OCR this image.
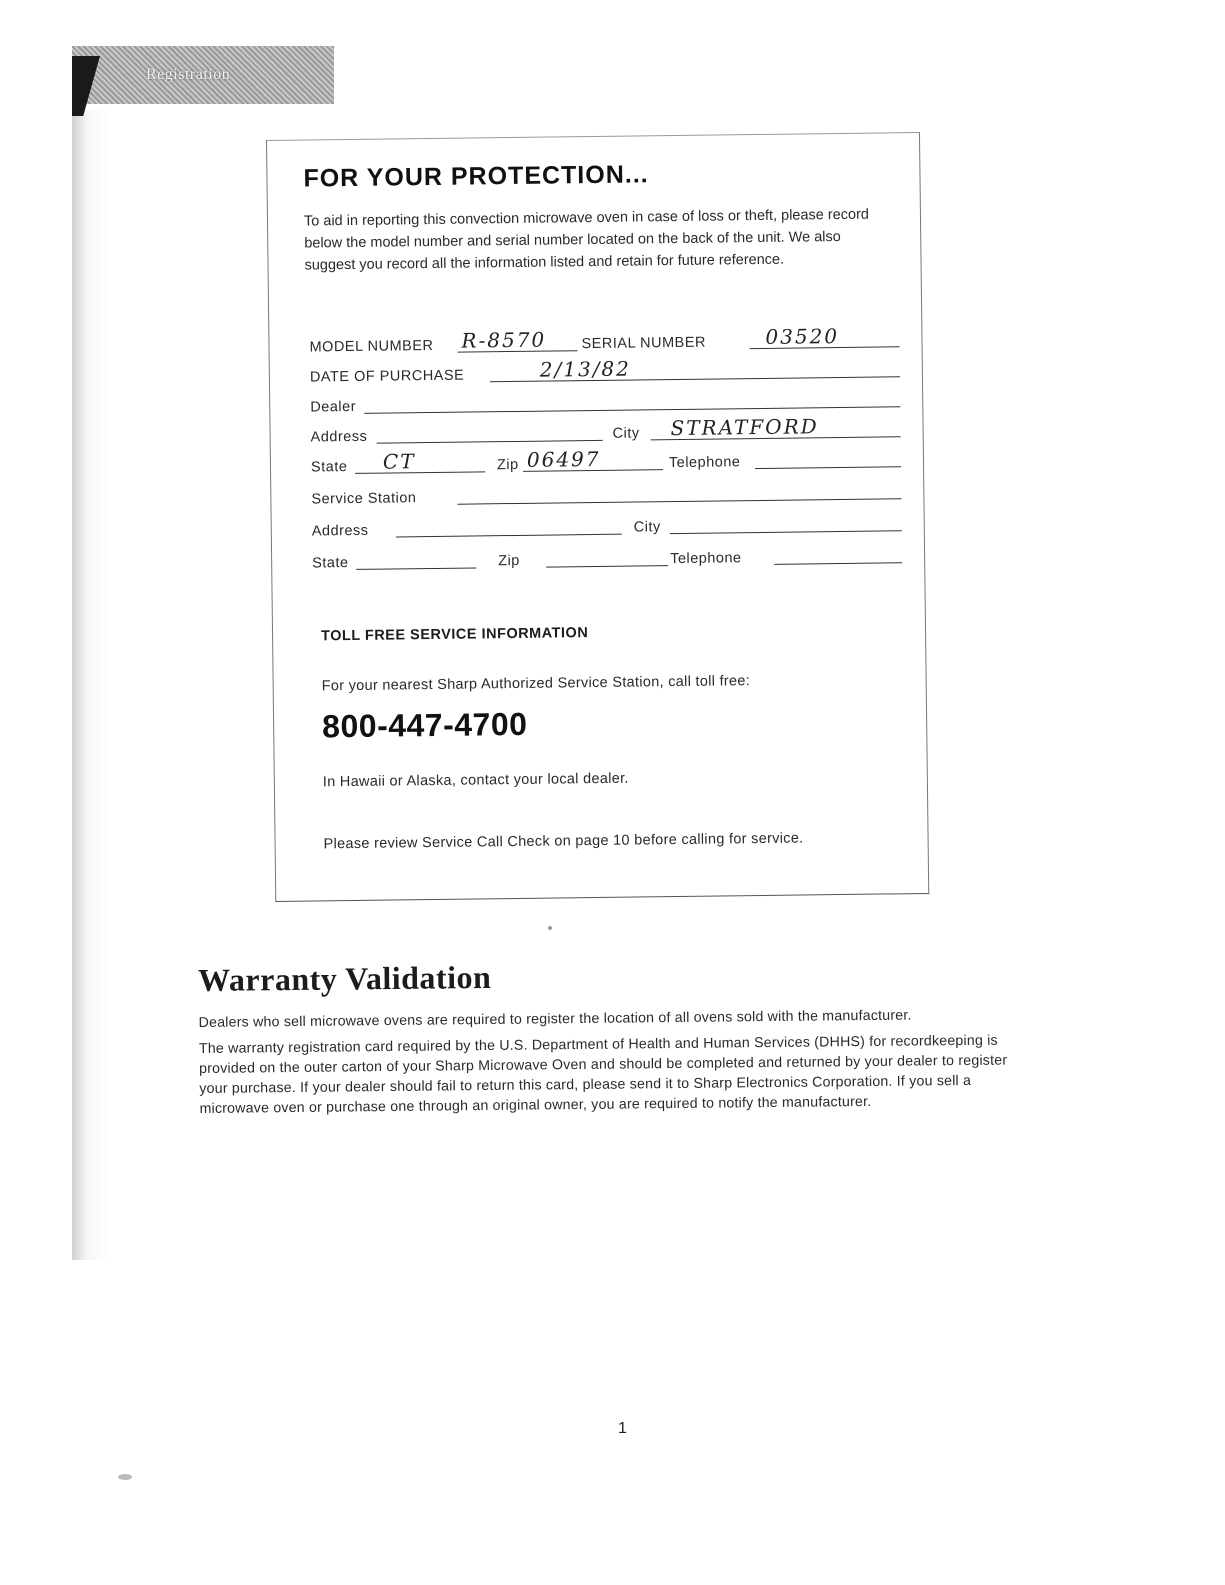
Registration
FOR YOUR PROTECTION...
To aid in reporting this convection microwave oven in case of loss or theft, please record below the model number and serial number located on the back of the unit. We also suggest you record all the information listed and retain for future reference.
MODEL NUMBER R-8570 SERIAL NUMBER	03520
DATE OF PURCHASE	2/13/82
Dealer
Address	City STRATFORD
State CT	Zip 06497	Telephone
Service Station
Address	City
State	Zip	Telephone
TOLL FREE SERVICE INFORMATION
For your nearest Sharp Authorized Service Station, call toll free:
800-447-4700
In Hawaii or Alaska, contact your local dealer.
Please review Service Call Check on page 10 before calling for service.
Warranty Validation

Dealers who sell microwave ovens are required to register the location of all ovens sold with the manufacturer.

The warranty registration card required by the U.S. Department of Health and Human Services (DHHS) for recordkeeping is provided on the outer carton of your Sharp Microwave Oven and should be completed and returned by your dealer to register your purchase. If your dealer should fail to return this card, please send it to Sharp Electronics Corporation. If you sell a microwave oven or purchase one through an original owner, you are required to notify the manufacturer.

1
